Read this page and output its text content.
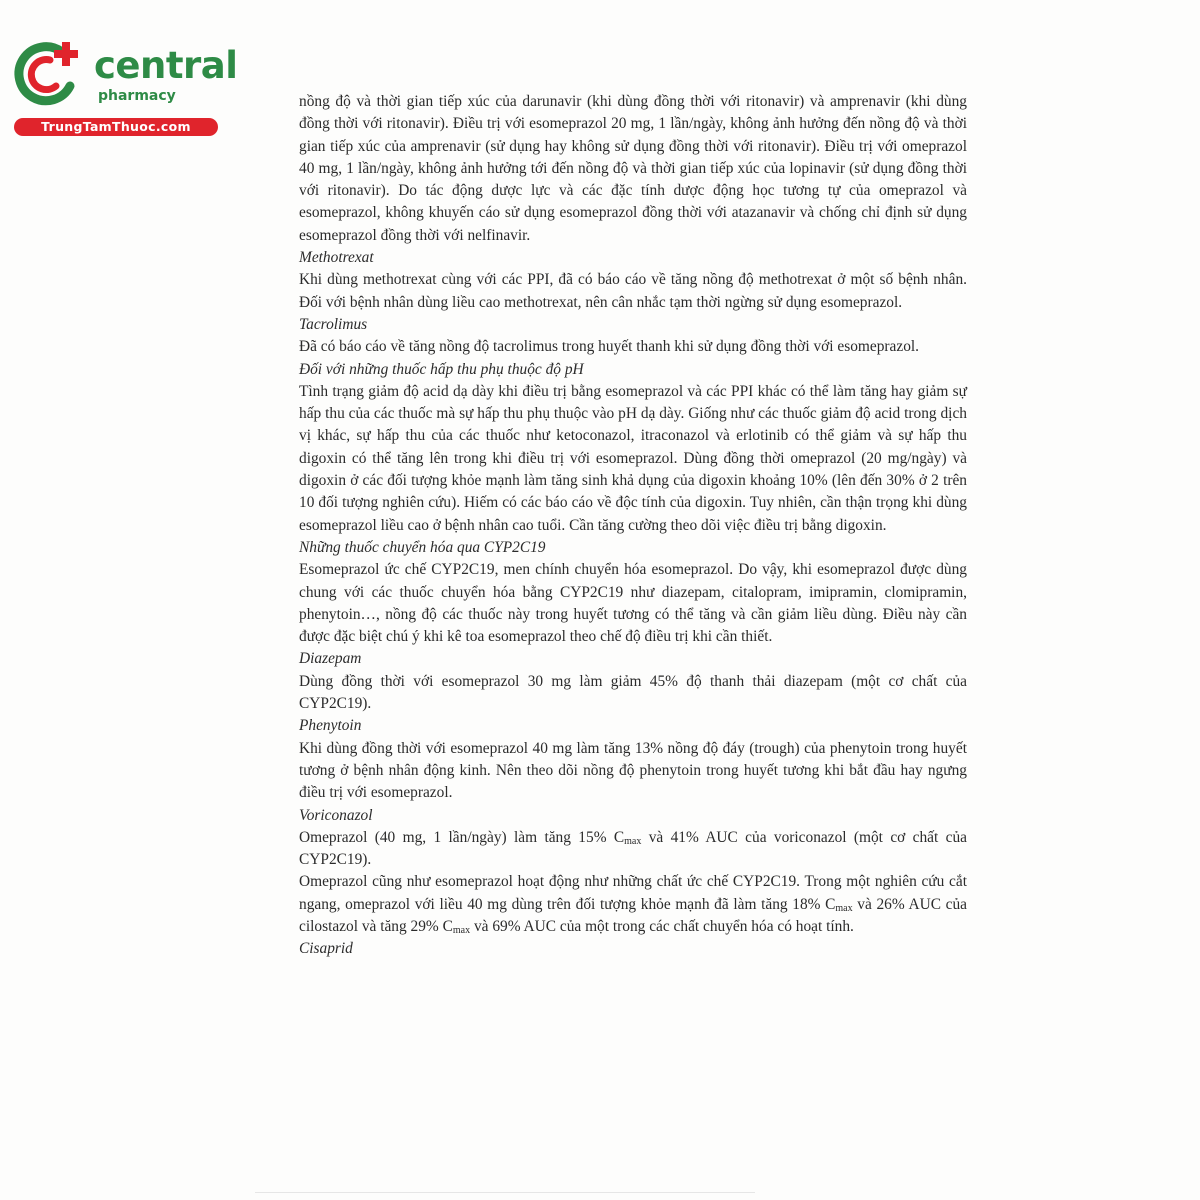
central
pharmacy
TrungTamThuoc.com

nồng độ và thời gian tiếp xúc của darunavir (khi dùng đồng thời với ritonavir) và amprenavir (khi dùng đồng thời với ritonavir). Điều trị với esomeprazol 20 mg, 1 lần/ngày, không ảnh hưởng đến nồng độ và thời gian tiếp xúc của amprenavir (sử dụng hay không sử dụng đồng thời với ritonavir). Điều trị với omeprazol 40 mg, 1 lần/ngày, không ảnh hưởng tới đến nồng độ và thời gian tiếp xúc của lopinavir (sử dụng đồng thời với ritonavir). Do tác động dược lực và các đặc tính dược động học tương tự của omeprazol và esomeprazol, không khuyến cáo sử dụng esomeprazol đồng thời với atazanavir và chống chỉ định sử dụng esomeprazol đồng thời với nelfinavir.

Methotrexat

Khi dùng methotrexat cùng với các PPI, đã có báo cáo về tăng nồng độ methotrexat ở một số bệnh nhân. Đối với bệnh nhân dùng liều cao methotrexat, nên cân nhắc tạm thời ngừng sử dụng esomeprazol.

Tacrolimus

Đã có báo cáo về tăng nồng độ tacrolimus trong huyết thanh khi sử dụng đồng thời với esomeprazol.

Đối với những thuốc hấp thu phụ thuộc độ pH

Tình trạng giảm độ acid dạ dày khi điều trị bằng esomeprazol và các PPI khác có thể làm tăng hay giảm sự hấp thu của các thuốc mà sự hấp thu phụ thuộc vào pH dạ dày. Giống như các thuốc giảm độ acid trong dịch vị khác, sự hấp thu của các thuốc như ketoconazol, itraconazol và erlotinib có thể giảm và sự hấp thu digoxin có thể tăng lên trong khi điều trị với esomeprazol. Dùng đồng thời omeprazol (20 mg/ngày) và digoxin ở các đối tượng khỏe mạnh làm tăng sinh khả dụng của digoxin khoảng 10% (lên đến 30% ở 2 trên 10 đối tượng nghiên cứu). Hiếm có các báo cáo về độc tính của digoxin. Tuy nhiên, cần thận trọng khi dùng esomeprazol liều cao ở bệnh nhân cao tuổi. Cần tăng cường theo dõi việc điều trị bằng digoxin.

Những thuốc chuyển hóa qua CYP2C19

Esomeprazol ức chế CYP2C19, men chính chuyển hóa esomeprazol. Do vậy, khi esomeprazol được dùng chung với các thuốc chuyển hóa bằng CYP2C19 như diazepam, citalopram, imipramin, clomipramin, phenytoin…, nồng độ các thuốc này trong huyết tương có thể tăng và cần giảm liều dùng. Điều này cần được đặc biệt chú ý khi kê toa esomeprazol theo chế độ điều trị khi cần thiết.

Diazepam

Dùng đồng thời với esomeprazol 30 mg làm giảm 45% độ thanh thải diazepam (một cơ chất của CYP2C19).

Phenytoin

Khi dùng đồng thời với esomeprazol 40 mg làm tăng 13% nồng độ đáy (trough) của phenytoin trong huyết tương ở bệnh nhân động kinh. Nên theo dõi nồng độ phenytoin trong huyết tương khi bắt đầu hay ngưng điều trị với esomeprazol.

Voriconazol

Omeprazol (40 mg, 1 lần/ngày) làm tăng 15% $C_{max}$ và 41% AUC của voriconazol (một cơ chất của CYP2C19).

Omeprazol cũng như esomeprazol hoạt động như những chất ức chế CYP2C19. Trong một nghiên cứu cắt ngang, omeprazol với liều 40 mg dùng trên đối tượng khỏe mạnh đã làm tăng 18% $C_{max}$ và 26% AUC của cilostazol và tăng 29% $C_{max}$ và 69% AUC của một trong các chất chuyển hóa có hoạt tính.

Cisaprid
